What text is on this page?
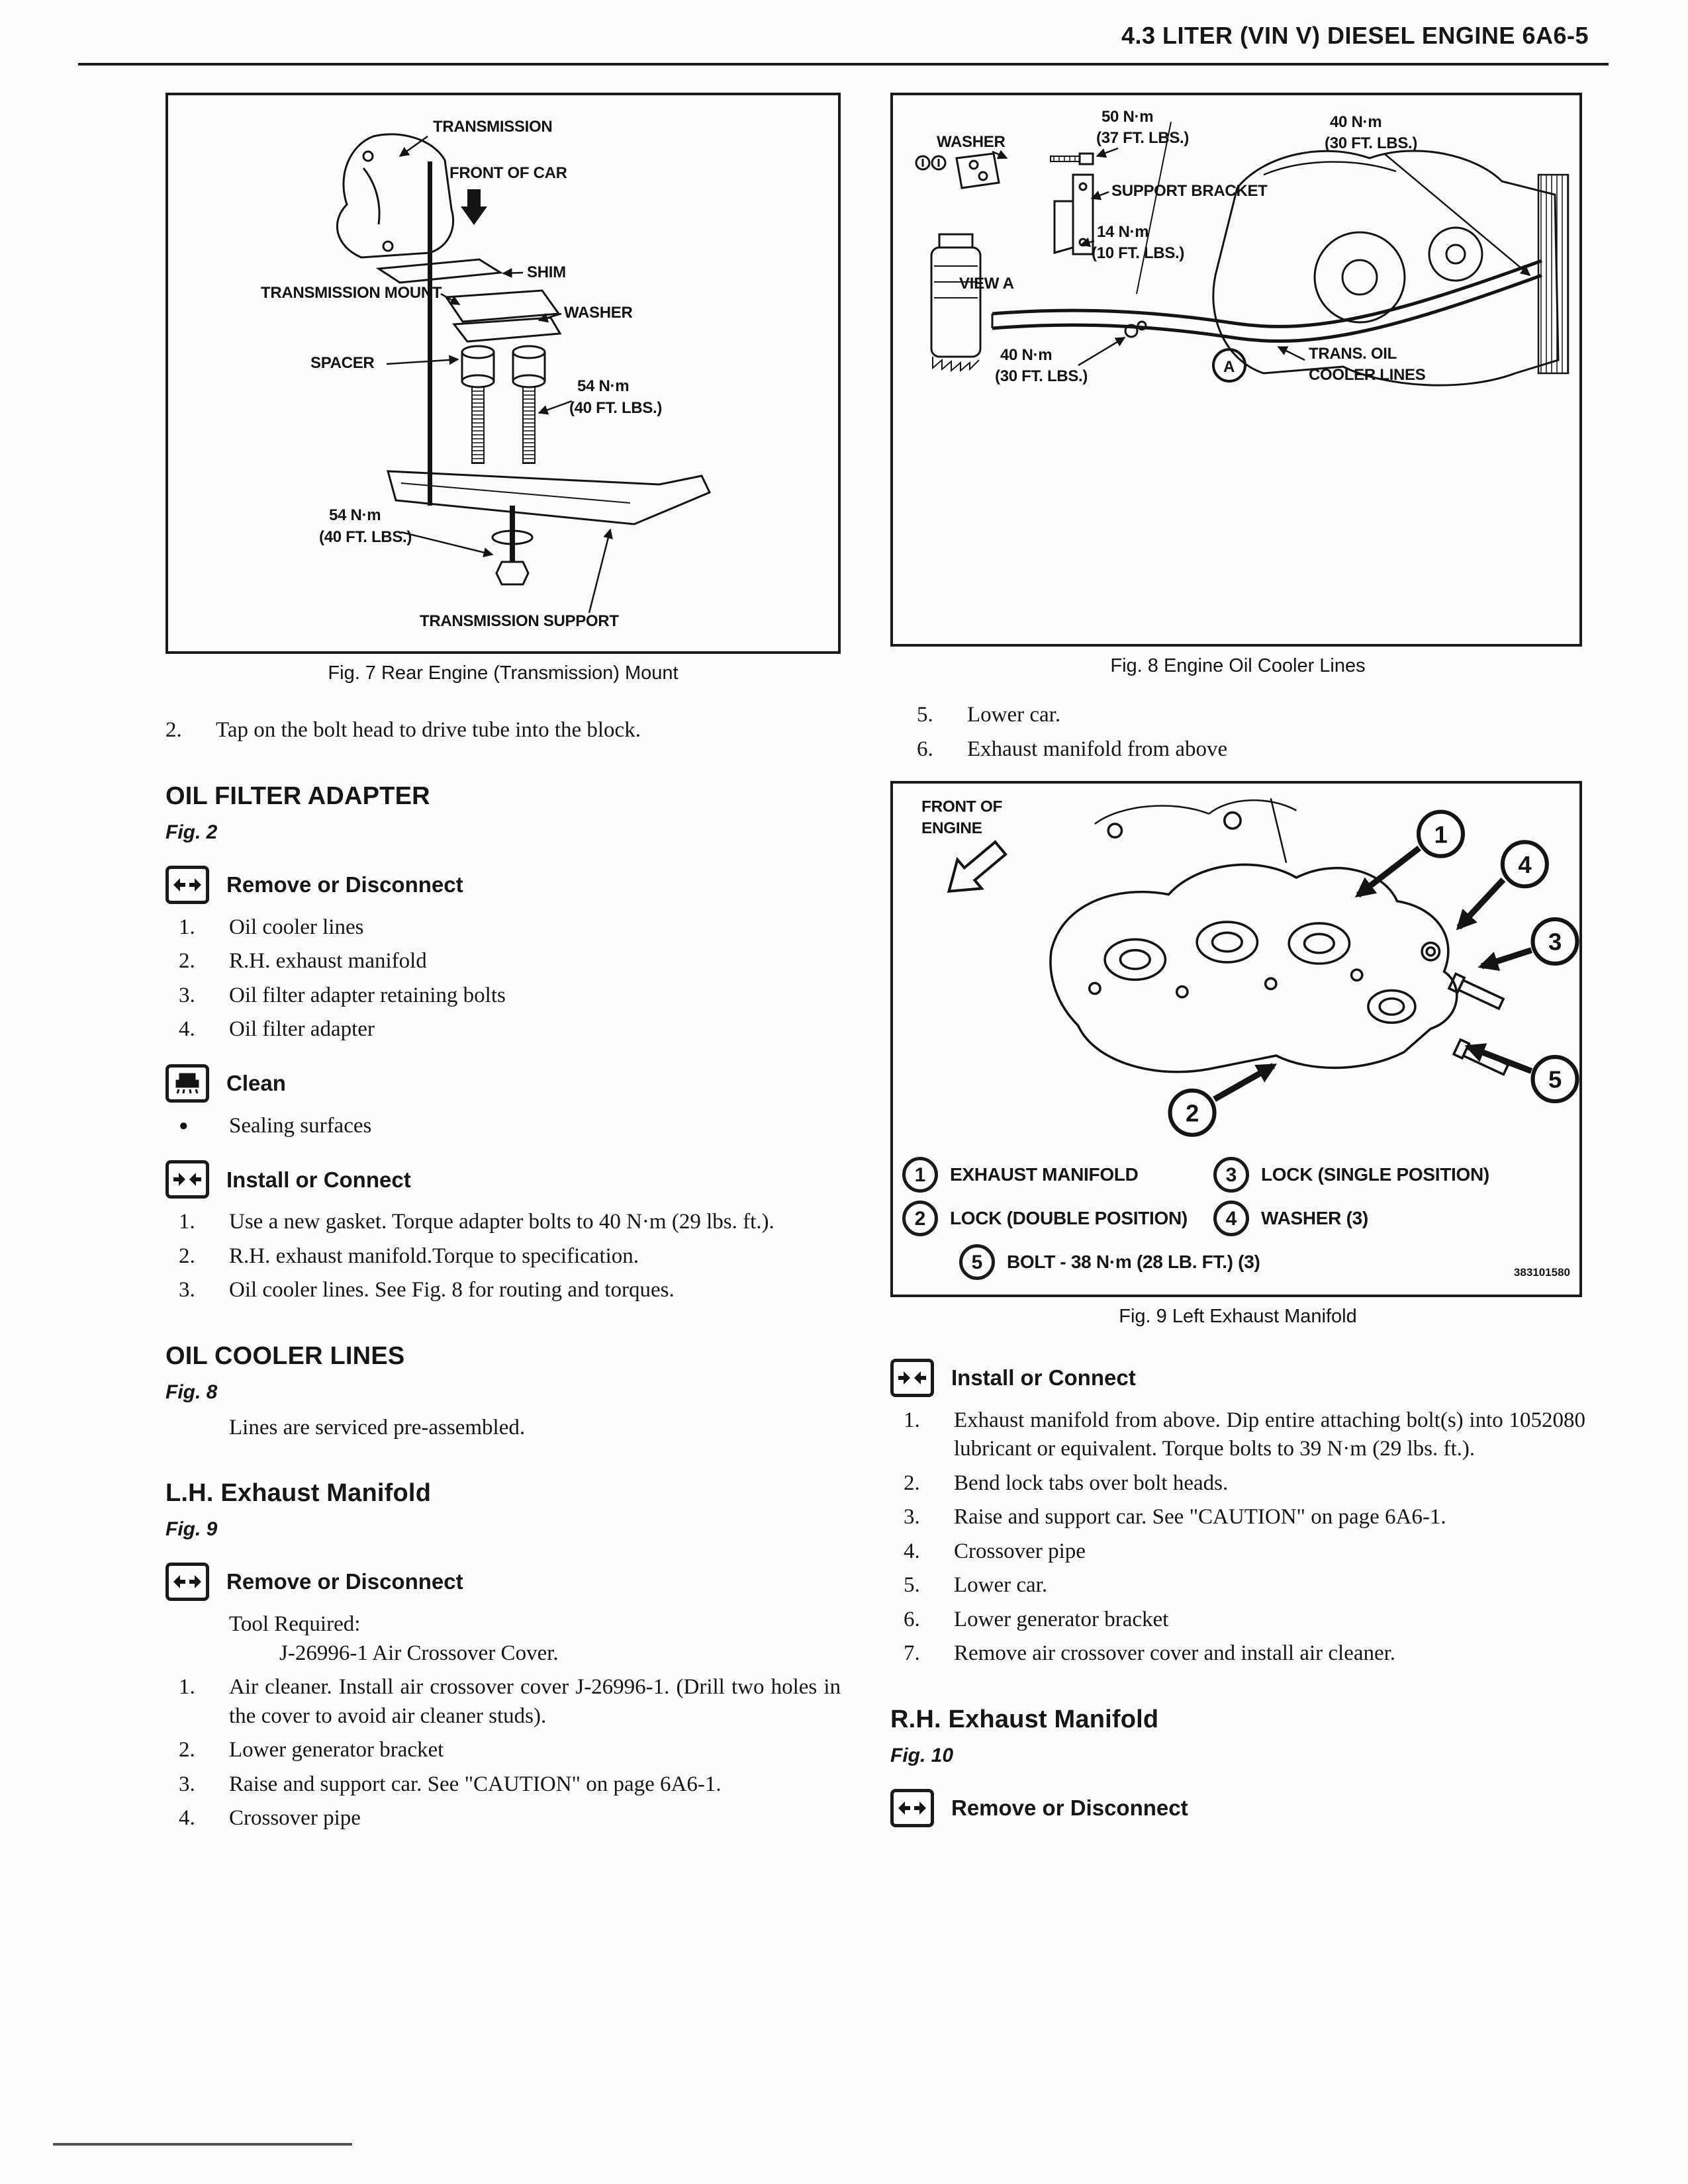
4.3 LITER (VIN V) DIESEL ENGINE 6A6-5
TRANSMISSION
FRONT OF CAR
SHIM
TRANSMISSION MOUNT
WASHER
SPACER
54 N·m
(40 FT. LBS.)
54 N·m
(40 FT. LBS.)
TRANSMISSION SUPPORT
Fig. 7 Rear Engine (Transmission) Mount
2.	Tap on the bolt head to drive tube into the block.
OIL FILTER ADAPTER
Fig. 2
Remove or Disconnect
1.	Oil cooler lines
2.	R.H. exhaust manifold
3.	Oil filter adapter retaining bolts
4.	Oil filter adapter
Clean
●	Sealing surfaces
Install or Connect
1.	Use a new gasket. Torque adapter bolts to 40 N·m (29 lbs. ft.).
2.	R.H. exhaust manifold.Torque to specification.
3.	Oil cooler lines. See Fig. 8 for routing and torques.
OIL COOLER LINES
Fig. 8
Lines are serviced pre-assembled.
L.H. Exhaust Manifold
Fig. 9
Remove or Disconnect
Tool Required:
J-26996-1 Air Crossover Cover.
1.	Air cleaner. Install air crossover cover J-26996-1. (Drill two holes in the cover to avoid air cleaner studs).
2.	Lower generator bracket
3.	Raise and support car. See "CAUTION" on page 6A6-1.
4.	Crossover pipe
WASHER
50 N·m
(37 FT. LBS.)
40 N·m
(30 FT. LBS.)
SUPPORT BRACKET
14 N·m
(10 FT. LBS.)
VIEW A
40 N·m
(30 FT. LBS.)
TRANS. OIL
COOLER LINES
A
Fig. 8 Engine Oil Cooler Lines
5.	Lower car.
6.	Exhaust manifold from above
FRONT OF
ENGINE	1
4
3
5
2
1	EXHAUST MANIFOLD	3	LOCK (SINGLE POSITION)
2	LOCK (DOUBLE POSITION)	4	WASHER (3)
5	BOLT - 38 N·m (28 LB. FT.) (3)
383101580
Fig. 9 Left Exhaust Manifold
Install or Connect
1.	Exhaust manifold from above. Dip entire attaching bolt(s) into 1052080 lubricant or equivalent. Torque bolts to 39 N·m (29 lbs. ft.).
2.	Bend lock tabs over bolt heads.
3.	Raise and support car. See "CAUTION" on page 6A6-1.
4.	Crossover pipe
5.	Lower car.
6.	Lower generator bracket
7.	Remove air crossover cover and install air cleaner.
R.H. Exhaust Manifold
Fig. 10
Remove or Disconnect
